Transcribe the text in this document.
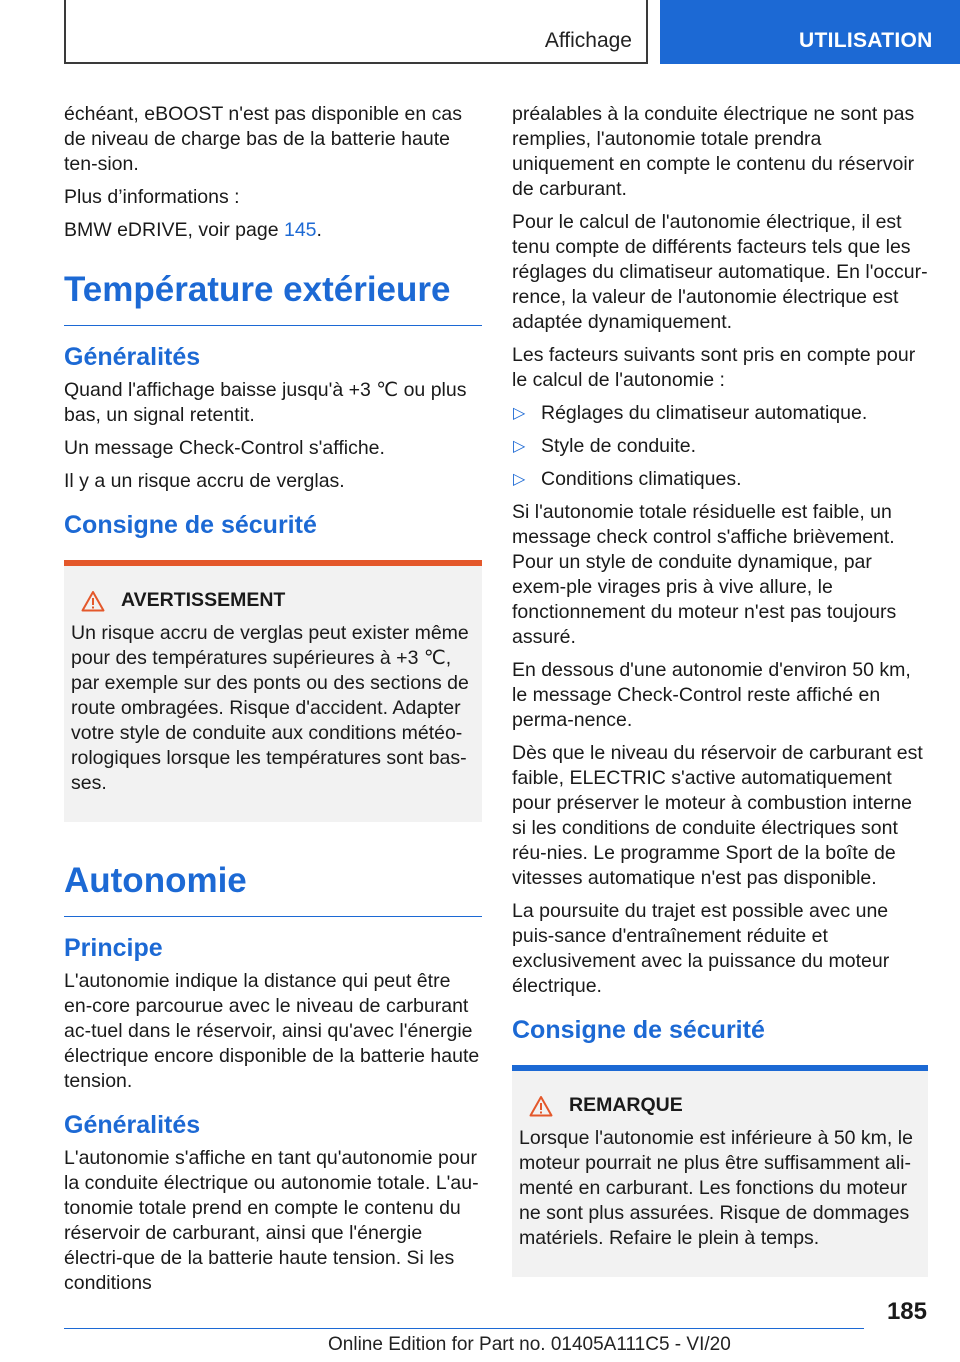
Affichage	UTILISATION

échéant, eBOOST n'est pas disponible en cas de niveau de charge bas de la batterie haute ten-sion.

Plus d’informations :

BMW eDRIVE, voir page 145.

Température extérieure
Généralités

Quand l'affichage baisse jusqu'à +3 ℃ ou plus bas, un signal retentit.

Un message Check-Control s'affiche.

Il y a un risque accru de verglas.

Consigne de sécurité
AVERTISSEMENT

Un risque accru de verglas peut exister même pour des températures supérieures à +3 ℃, par exemple sur des ponts ou des sections de route ombragées. Risque d'accident. Adapter votre style de conduite aux conditions météo-rologiques lorsque les températures sont bas-ses.

Autonomie
Principe

L'autonomie indique la distance qui peut être en-core parcourue avec le niveau de carburant ac-tuel dans le réservoir, ainsi qu'avec l'énergie électrique encore disponible de la batterie haute tension.

Généralités

L'autonomie s'affiche en tant qu'autonomie pour la conduite électrique ou autonomie totale. L'au-tonomie totale prend en compte le contenu du réservoir de carburant, ainsi que l'énergie électri-que de la batterie haute tension. Si les conditions

préalables à la conduite électrique ne sont pas remplies, l'autonomie totale prendra uniquement en compte le contenu du réservoir de carburant.

Pour le calcul de l'autonomie électrique, il est tenu compte de différents facteurs tels que les réglages du climatiseur automatique. En l'occur-rence, la valeur de l'autonomie électrique est adaptée dynamiquement.

Les facteurs suivants sont pris en compte pour le calcul de l'autonomie :

▷ Réglages du climatiseur automatique.
▷ Style de conduite.
▷ Conditions climatiques.

Si l'autonomie totale résiduelle est faible, un message check control s'affiche brièvement. Pour un style de conduite dynamique, par exem-ple virages pris à vive allure, le fonctionnement du moteur n'est pas toujours assuré.

En dessous d'une autonomie d'environ 50 km, le message Check-Control reste affiché en perma-nence.

Dès que le niveau du réservoir de carburant est faible, ELECTRIC s'active automatiquement pour préserver le moteur à combustion interne si les conditions de conduite électriques sont réu-nies. Le programme Sport de la boîte de vitesses automatique n'est pas disponible.

La poursuite du trajet est possible avec une puis-sance d'entraînement réduite et exclusivement avec la puissance du moteur électrique.

Consigne de sécurité
REMARQUE

Lorsque l'autonomie est inférieure à 50 km, le moteur pourrait ne plus être suffisamment ali-menté en carburant. Les fonctions du moteur ne sont plus assurées. Risque de dommages matériels. Refaire le plein à temps.

185
Online Edition for Part no. 01405A111C5 - VI/20
